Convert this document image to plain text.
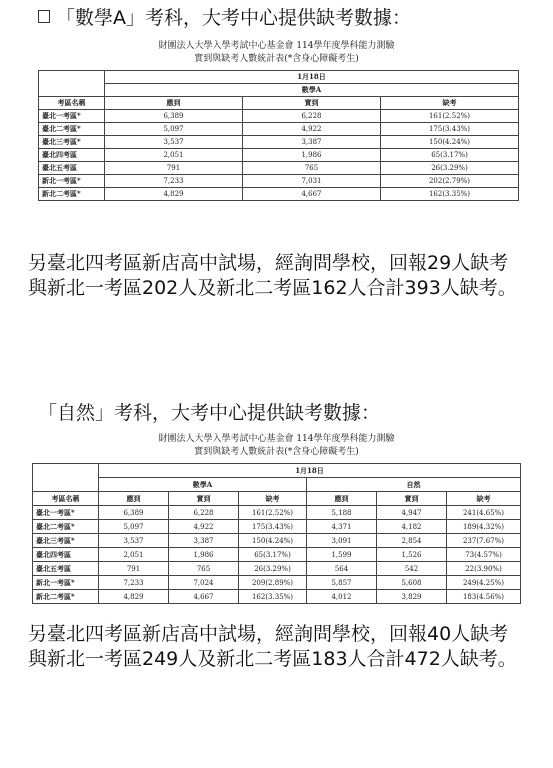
「數學A」考科，大考中心提供缺考數據：
財團法人大學入學考試中心基金會 114學年度學科能力測驗
實到與缺考人數統計表(*含身心障礙考生)
	1月18日		
	數學A		
考區名稱	應到	實到	缺考
臺北一考區*	6,389	6,228	161(2.52%)
臺北二考區*	5,097	4,922	175(3.43%)
臺北三考區*	3,537	3,387	150(4.24%)
臺北四考區	2,051	1,986	65(3.17%)
臺北五考區	791	765	26(3.29%)
新北一考區*	7,233	7,031	202(2.79%)
新北二考區*	4,829	4,667	162(3.35%)
另臺北四考區新店高中試場，經詢問學校，回報29人缺考
與新北一考區202人及新北二考區162人合計393人缺考。
「自然」考科，大考中心提供缺考數據：
財團法人大學入學考試中心基金會 114學年度學科能力測驗
實到與缺考人數統計表(*含身心障礙考生)
	1月18日					
	數學A			自然		
考區名稱	應到	實到	缺考	應到	實到	缺考
臺北一考區*	6,389	6,228	161(2.52%)	5,188	4,947	241(4.65%)
臺北二考區*	5,097	4,922	175(3.43%)	4,371	4,182	189(4.32%)
臺北三考區*	3,537	3,387	150(4.24%)	3,091	2,854	237(7.67%)
臺北四考區	2,051	1,986	65(3.17%)	1,599	1,526	73(4.57%)
臺北五考區	791	765	26(3.29%)	564	542	22(3.90%)
新北一考區*	7,233	7,024	209(2.89%)	5,857	5,608	249(4.25%)
新北二考區*	4,829	4,667	162(3.35%)	4,012	3,829	183(4.56%)
另臺北四考區新店高中試場，經詢問學校，回報40人缺考
與新北一考區249人及新北二考區183人合計472人缺考。
